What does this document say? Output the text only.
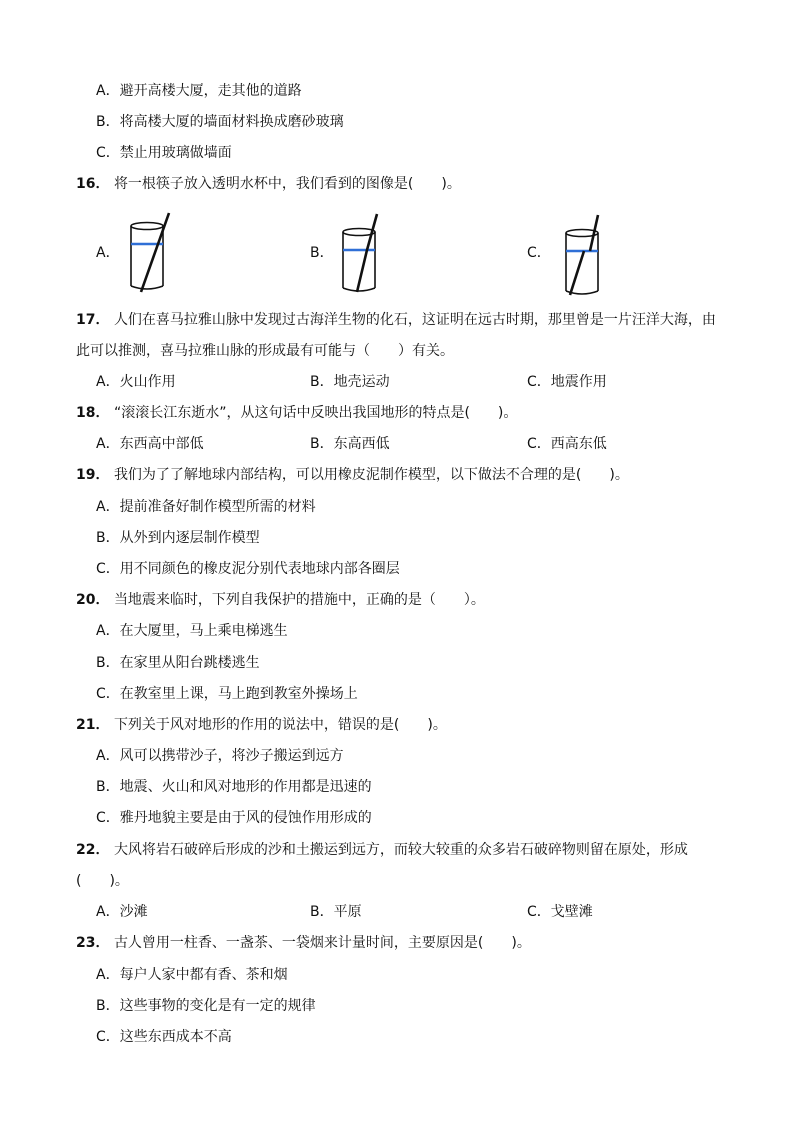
A．避开高楼大厦，走其他的道路
B．将高楼大厦的墙面材料换成磨砂玻璃
C．禁止用玻璃做墙面
16． 将一根筷子放入透明水杯中，我们看到的图像是(　　)。
A．	B．	C．
17． 人们在喜马拉雅山脉中发现过古海洋生物的化石，这证明在远古时期，那里曾是一片汪洋大海，由
此可以推测，喜马拉雅山脉的形成最有可能与（　　）有关。
A．火山作用	B．地壳运动	C．地震作用
18． “滚滚长江东逝水”，从这句话中反映出我国地形的特点是(　　)。
A．东西高中部低	B．东高西低	C．西高东低
19． 我们为了了解地球内部结构，可以用橡皮泥制作模型，以下做法不合理的是(　　)。
A．提前准备好制作模型所需的材料
B．从外到内逐层制作模型
C．用不同颜色的橡皮泥分别代表地球内部各圈层
20． 当地震来临时，下列自我保护的措施中，正确的是（　　）。
A．在大厦里，马上乘电梯逃生
B．在家里从阳台跳楼逃生
C．在教室里上课，马上跑到教室外操场上
21． 下列关于风对地形的作用的说法中，错误的是(　　)。
A．风可以携带沙子，将沙子搬运到远方
B．地震、火山和风对地形的作用都是迅速的
C．雅丹地貌主要是由于风的侵蚀作用形成的
22． 大风将岩石破碎后形成的沙和土搬运到远方，而较大较重的众多岩石破碎物则留在原处，形成
(　　)。
A．沙滩	B．平原	C．戈壁滩
23． 古人曾用一柱香、一盏茶、一袋烟来计量时间，主要原因是(　　)。
A．每户人家中都有香、茶和烟
B．这些事物的变化是有一定的规律
C．这些东西成本不高
